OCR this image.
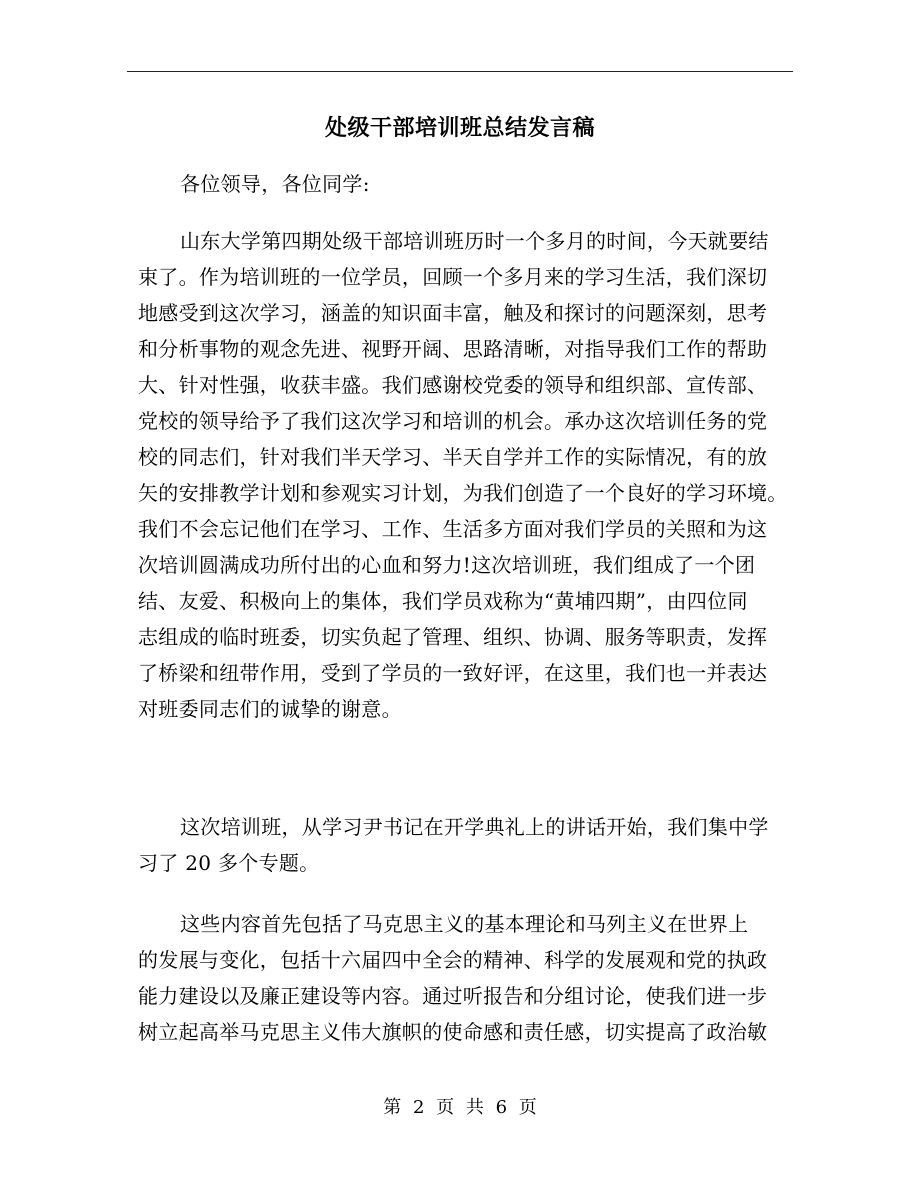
处级干部培训班总结发言稿
各位领导，各位同学:
山东大学第四期处级干部培训班历时一个多月的时间，今天就要结
束了。作为培训班的一位学员，回顾一个多月来的学习生活，我们深切
地感受到这次学习，涵盖的知识面丰富，触及和探讨的问题深刻，思考
和分析事物的观念先进、视野开阔、思路清晰，对指导我们工作的帮助
大、针对性强，收获丰盛。我们感谢校党委的领导和组织部、宣传部、
党校的领导给予了我们这次学习和培训的机会。承办这次培训任务的党
校的同志们，针对我们半天学习、半天自学并工作的实际情况，有的放
矢的安排教学计划和参观实习计划，为我们创造了一个良好的学习环境。
我们不会忘记他们在学习、工作、生活多方面对我们学员的关照和为这
次培训圆满成功所付出的心血和努力!这次培训班，我们组成了一个团
结、友爱、积极向上的集体，我们学员戏称为“黄埔四期”，由四位同
志组成的临时班委，切实负起了管理、组织、协调、服务等职责，发挥
了桥梁和纽带作用，受到了学员的一致好评，在这里，我们也一并表达
对班委同志们的诚挚的谢意。
这次培训班，从学习尹书记在开学典礼上的讲话开始，我们集中学
习了 20 多个专题。
这些内容首先包括了马克思主义的基本理论和马列主义在世界上
的发展与变化，包括十六届四中全会的精神、科学的发展观和党的执政
能力建设以及廉正建设等内容。通过听报告和分组讨论，使我们进一步
树立起高举马克思主义伟大旗帜的使命感和责任感，切实提高了政治敏
第 2 页 共 6 页
